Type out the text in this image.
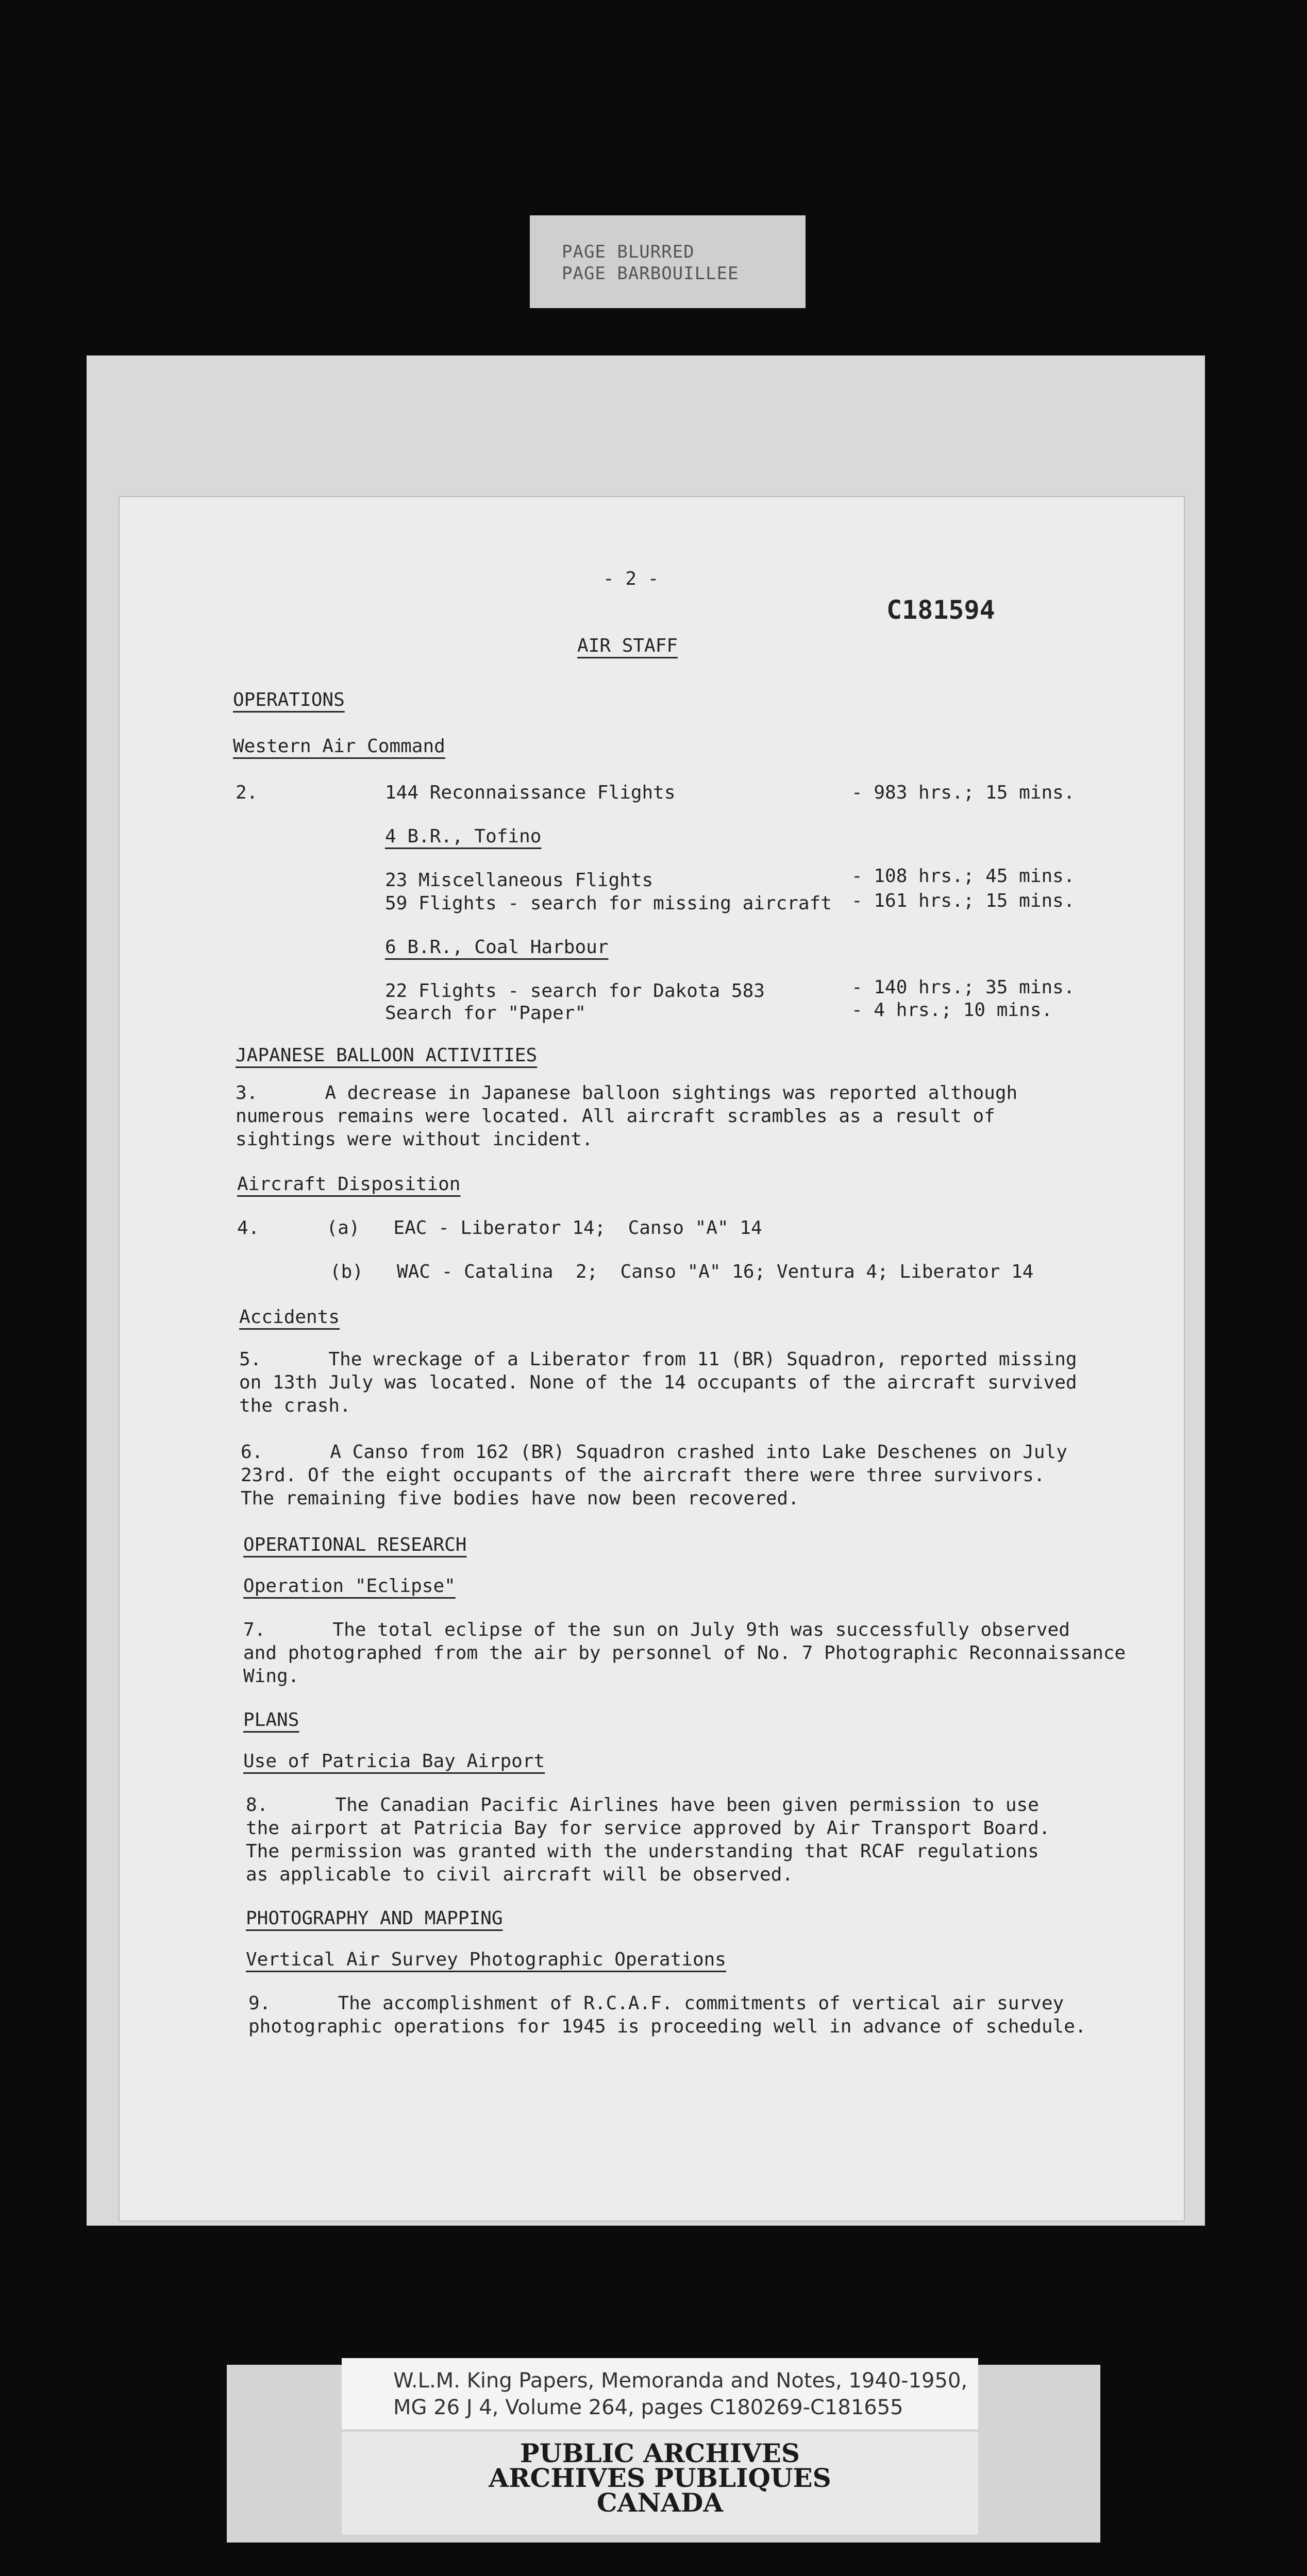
PAGE BLURRED
PAGE BARBOUILLEE
- 2 -
C181594
AIR STAFF
OPERATIONS
Western Air Command
2.	144 Reconnaissance Flights	- 983 hrs.; 15 mins.
4 B.R., Tofino
23 Miscellaneous Flights	- 108 hrs.; 45 mins.
59 Flights - search for missing aircraft - 161 hrs.; 15 mins.
6 B.R., Coal Harbour
22 Flights - search for Dakota 583	- 140 hrs.; 35 mins.
Search for "Paper"	- 4 hrs.; 10 mins.
JAPANESE BALLOON ACTIVITIES
3.      A decrease in Japanese balloon sightings was reported although
numerous remains were located. All aircraft scrambles as a result of
sightings were without incident.
Aircraft Disposition
4.      (a)   EAC - Liberator 14;  Canso "A" 14
(b)   WAC - Catalina  2;  Canso "A" 16; Ventura 4; Liberator 14
Accidents
5.      The wreckage of a Liberator from 11 (BR) Squadron, reported missing
on 13th July was located. None of the 14 occupants of the aircraft survived
the crash.
6.      A Canso from 162 (BR) Squadron crashed into Lake Deschenes on July
23rd. Of the eight occupants of the aircraft there were three survivors.
The remaining five bodies have now been recovered.
OPERATIONAL RESEARCH
Operation "Eclipse"
7.      The total eclipse of the sun on July 9th was successfully observed
and photographed from the air by personnel of No. 7 Photographic Reconnaissance
Wing.
PLANS
Use of Patricia Bay Airport
8.      The Canadian Pacific Airlines have been given permission to use
the airport at Patricia Bay for service approved by Air Transport Board.
The permission was granted with the understanding that RCAF regulations
as applicable to civil aircraft will be observed.
PHOTOGRAPHY AND MAPPING
Vertical Air Survey Photographic Operations
9.      The accomplishment of R.C.A.F. commitments of vertical air survey
photographic operations for 1945 is proceeding well in advance of schedule.
W.L.M. King Papers, Memoranda and Notes, 1940-1950,
MG 26 J 4, Volume 264, pages C180269-C181655
PUBLIC ARCHIVES
ARCHIVES PUBLIQUES
CANADA
